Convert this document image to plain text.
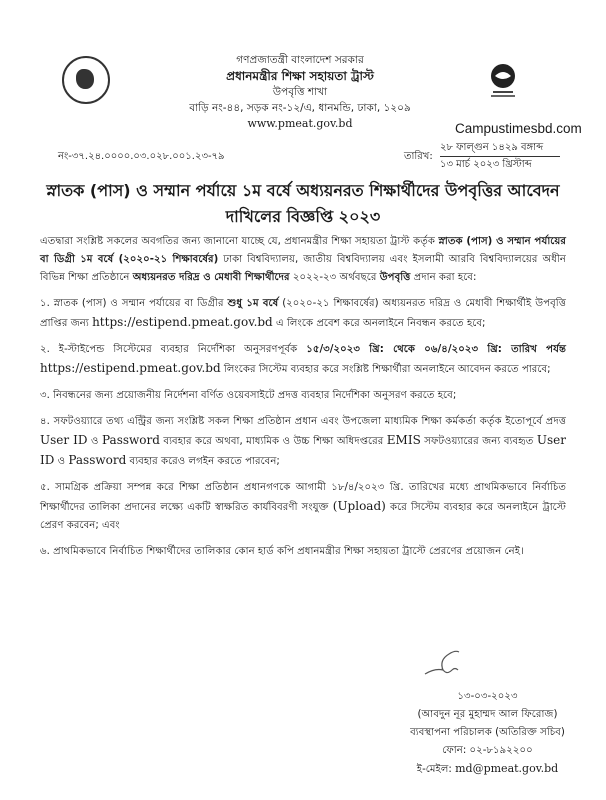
গণপ্রজাতন্ত্রী বাংলাদেশ সরকার
প্রধানমন্ত্রীর শিক্ষা সহায়তা ট্রাস্ট
উপবৃত্তি শাখা
বাড়ি নং-৪৪, সড়ক নং-১২/এ, ধানমন্ডি, ঢাকা, ১২০৯
www.pmeat.gov.bd	Campustimesbd.com
নং-৩৭.২৪.০০০০.০৩.০২৮.০০১.২৩-৭৯	তারিখ:
২৮ ফাল্গুন ১৪২৯ বঙ্গাব্দ
১৩ মার্চ ২০২৩ খ্রিস্টাব্দ
স্নাতক (পাস) ও সম্মান পর্যায়ে ১ম বর্ষে অধ্যয়নরত শিক্ষার্থীদের উপবৃত্তির আবেদন
দাখিলের বিজ্ঞপ্তি ২০২৩

এতদ্বারা সংশ্লিষ্ট সকলের অবগতির জন্য জানানো যাচ্ছে যে, প্রধানমন্ত্রীর শিক্ষা সহায়তা ট্রাস্ট কর্তৃক স্নাতক (পাস) ও সম্মান পর্যায়ের বা ডিগ্রী ১ম বর্ষে (২০২০-২১ শিক্ষাবর্ষের) ঢাকা বিশ্ববিদ্যালয়, জাতীয় বিশ্ববিদ্যালয় এবং ইসলামী আরবি বিশ্ববিদ্যালয়ের অধীন বিভিন্ন শিক্ষা প্রতিষ্ঠানে অধ্যয়নরত দরিদ্র ও মেধাবী শিক্ষার্থীদের ২০২২-২৩ অর্থবছরে উপবৃত্তি প্রদান করা হবে:

১. স্নাতক (পাস) ও সম্মান পর্যায়ের বা ডিগ্রীর শুধু ১ম বর্ষে (২০২০-২১ শিক্ষাবর্ষের) অধ্যয়নরত দরিদ্র ও মেধাবী শিক্ষার্থীই উপবৃত্তি প্রাপ্তির জন্য https://estipend.pmeat.gov.bd এ লিংকে প্রবেশ করে অনলাইনে নিবন্ধন করতে হবে;

২. ই-স্টাইপেন্ড সিস্টেমের ব্যবহার নির্দেশিকা অনুসরণপূর্বক ১৫/৩/২০২৩ খ্রি: থেকে ০৬/৪/২০২৩ খ্রি: তারিখ পর্যন্ত https://estipend.pmeat.gov.bd লিংকের সিস্টেম ব্যবহার করে সংশ্লিষ্ট শিক্ষার্থীরা অনলাইনে আবেদন করতে পারবে;

৩. নিবন্ধনের জন্য প্রয়োজনীয় নির্দেশনা বর্ণিত ওয়েবসাইটে প্রদত্ত ব্যবহার নির্দেশিকা অনুসরণ করতে হবে;

৪. সফটওয়্যারে তথ্য এন্ট্রির জন্য সংশ্লিষ্ট সকল শিক্ষা প্রতিষ্ঠান প্রধান এবং উপজেলা মাধ্যমিক শিক্ষা কর্মকর্তা কর্তৃক ইতোপূর্বে প্রদত্ত User ID ও Password ব্যবহার করে অথবা, মাধ্যমিক ও উচ্চ শিক্ষা অধিদপ্তরের EMIS সফটওয়্যারের জন্য ব্যবহৃত User ID ও Password ব্যবহার করেও লগইন করতে পারবেন;

৫. সামগ্রিক প্রক্রিয়া সম্পন্ন করে শিক্ষা প্রতিষ্ঠান প্রধানগণকে আগামী ১৮/৪/২০২৩ খ্রি. তারিখের মধ্যে প্রাথমিকভাবে নির্বাচিত শিক্ষার্থীদের তালিকা প্রদানের লক্ষ্যে একটি স্বাক্ষরিত কার্যবিবরণী সংযুক্ত (Upload) করে সিস্টেম ব্যবহার করে অনলাইনে ট্রাস্টে প্রেরণ করবেন; এবং

৬. প্রাথমিকভাবে নির্বাচিত শিক্ষার্থীদের তালিকার কোন হার্ড কপি প্রধানমন্ত্রীর শিক্ষা সহায়তা ট্রাস্টে প্রেরণের প্রয়োজন নেই।

১৩-০৩-২০২৩
(আবদুন নূর মুহাম্মদ আল ফিরোজ)
ব্যবস্থাপনা পরিচালক (অতিরিক্ত সচিব)
ফোন: ০২-৮১৯২২০০
ই-মেইল: md@pmeat.gov.bd
